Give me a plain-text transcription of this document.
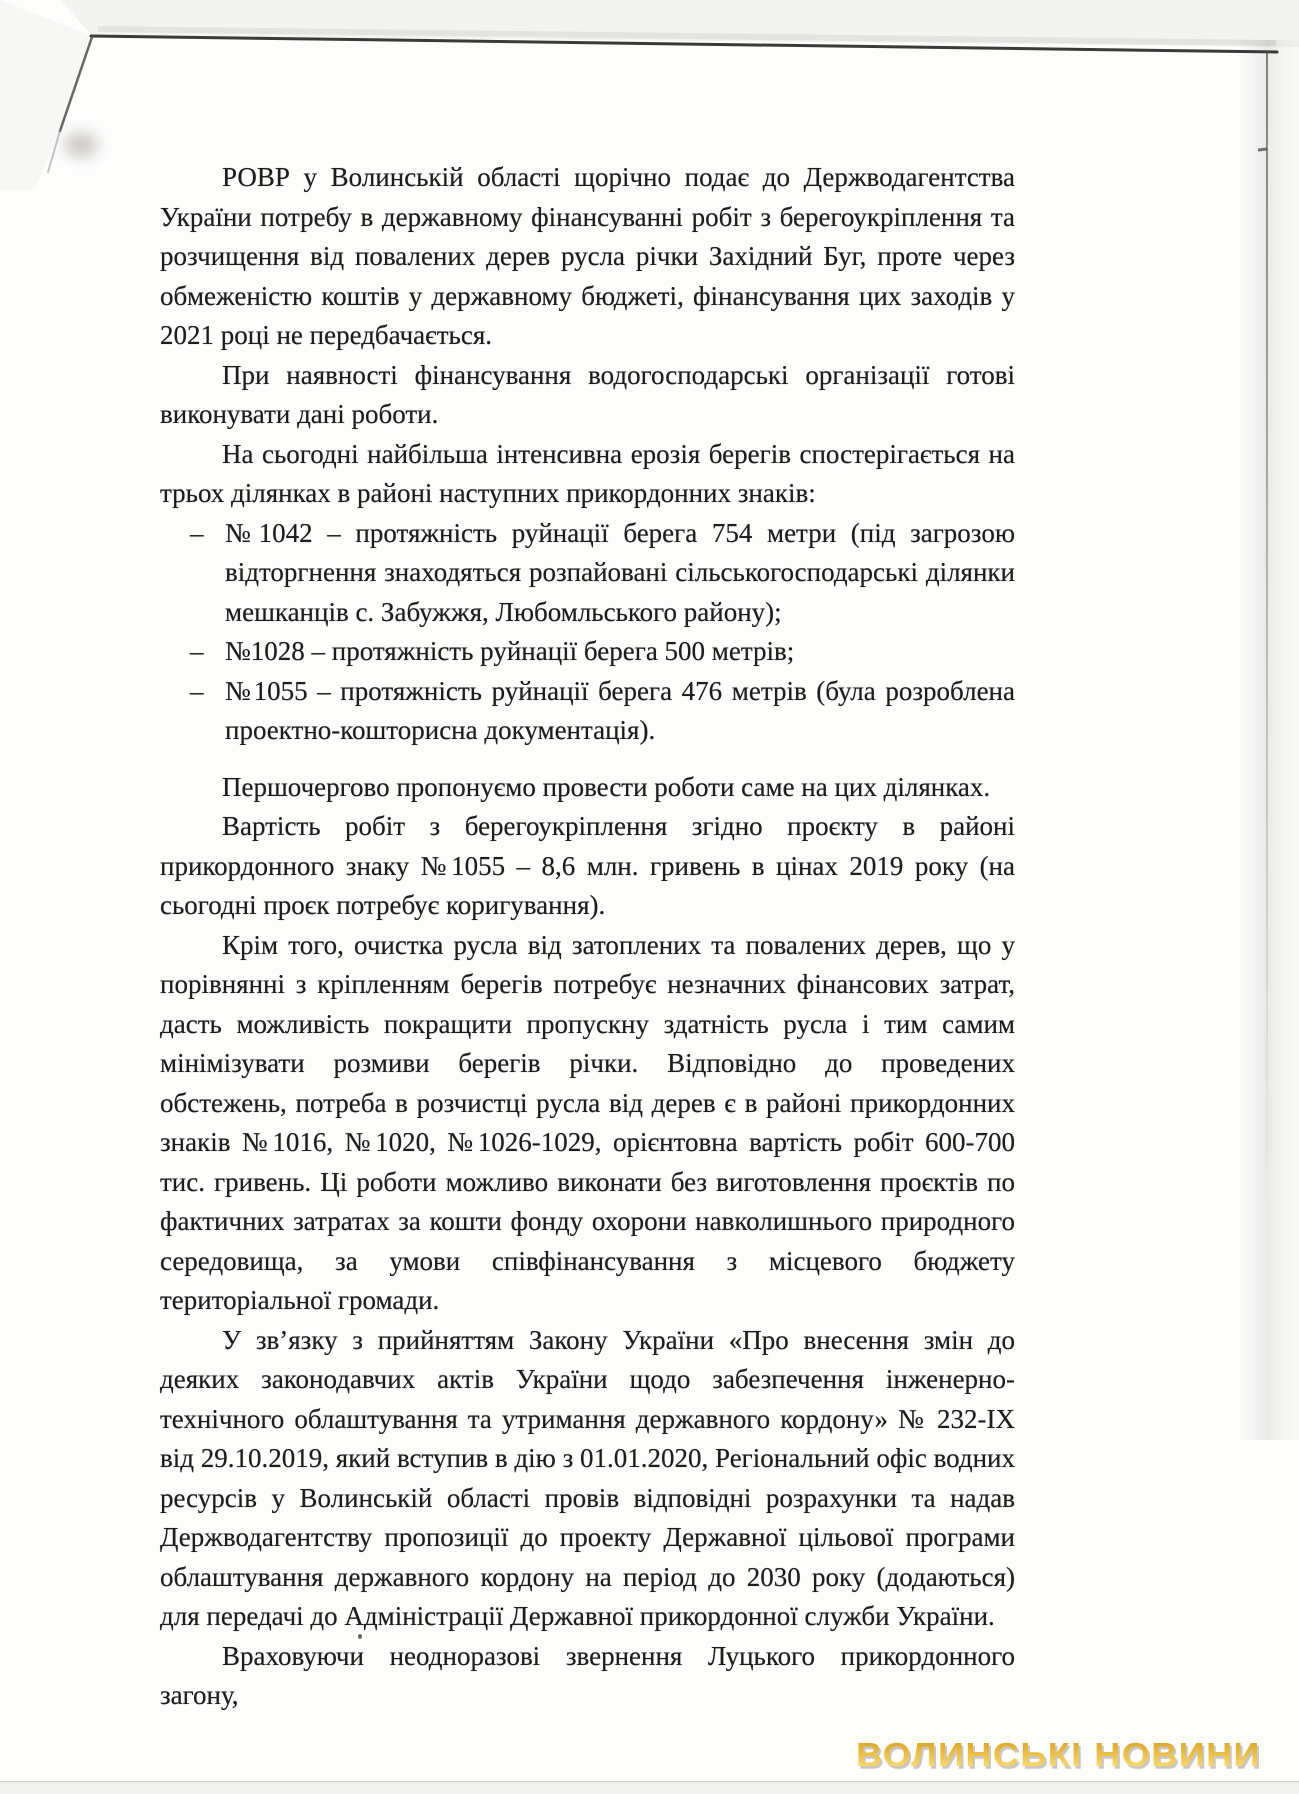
РОВР у Волинській області щорічно подає до Держводагентства України потребу в державному фінансуванні робіт з берегоукріплення та розчищення від повалених дерев русла річки Західний Буг, проте через обмеженістю коштів у державному бюджеті, фінансування цих заходів у 2021 році не передбачається.

При наявності фінансування водогосподарські організації готові виконувати дані роботи.

На сьогодні найбільша інтенсивна ерозія берегів спостерігається на трьох ділянках в районі наступних прикордонних знаків:

– №1042 – протяжність руйнації берега 754 метри (під загрозою відторгнення знаходяться розпайовані сільськогосподарські ділянки мешканців с. Забужжя, Любомльського району);

– №1028 – протяжність руйнації берега 500 метрів;

– №1055 – протяжність руйнації берега 476 метрів (була розроблена проектно-кошторисна документація).

Першочергово пропонуємо провести роботи саме на цих ділянках.

Вартість робіт з берегоукріплення згідно проєкту в районі прикордонного знаку №1055 – 8,6 млн. гривень в цінах 2019 року (на сьогодні проєк потребує коригування).

Крім того, очистка русла від затоплених та повалених дерев, що у порівнянні з кріпленням берегів потребує незначних фінансових затрат, дасть можливість покращити пропускну здатність русла і тим самим мінімізувати розмиви берегів річки. Відповідно до проведених обстежень, потреба в розчистці русла від дерев є в районі прикордонних знаків №1016, №1020, №1026-1029, орієнтовна вартість робіт 600-700 тис. гривень. Ці роботи можливо виконати без виготовлення проєктів по фактичних затратах за кошти фонду охорони навколишнього природного середовища, за умови співфінансування з місцевого бюджету територіальної громади.

У зв’язку з прийняттям Закону України «Про внесення змін до деяких законодавчих актів України щодо забезпечення інженерно-технічного облаштування та утримання державного кордону» № 232-ІХ від 29.10.2019, який вступив в дію з 01.01.2020, Регіональний офіс водних ресурсів у Волинській області провів відповідні розрахунки та надав Держводагентству пропозиції до проекту Державної цільової програми облаштування державного кордону на період до 2030 року (додаються) для передачі до Адміністрації Державної прикордонної служби України.

Враховуючи неодноразові звернення Луцького прикордонного загону,

ВОЛИНСЬКІ НОВИНИ
